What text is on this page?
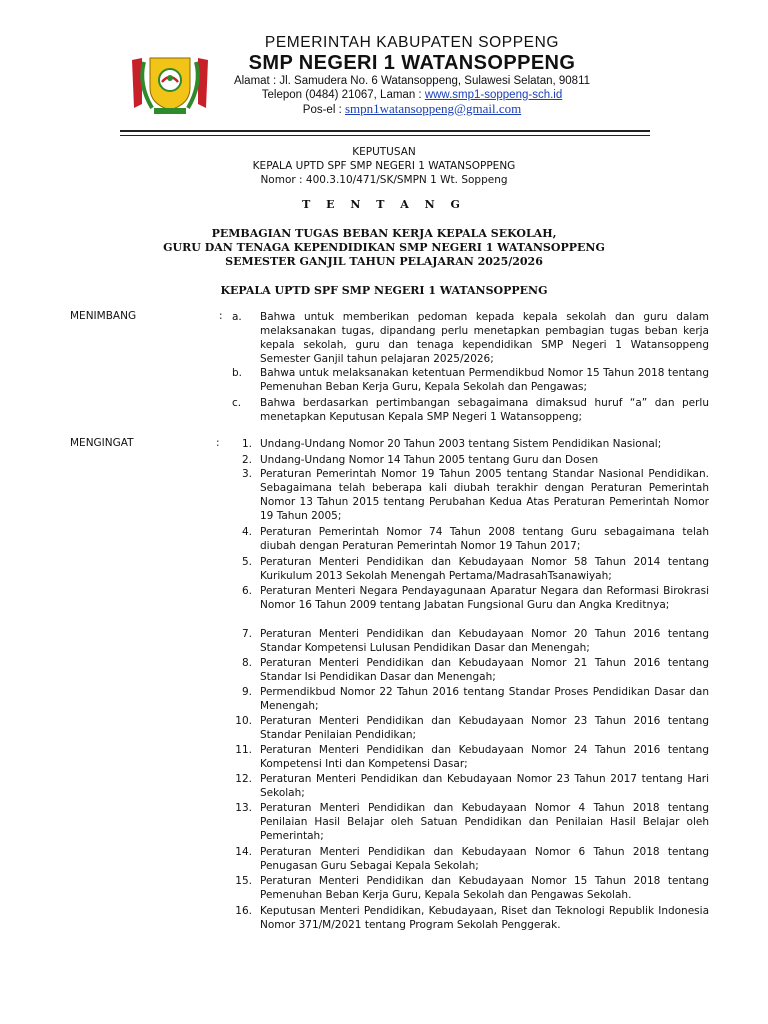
PEMERINTAH KABUPATEN SOPPENG
SMP NEGERI 1 WATANSOPPENG
Alamat : Jl. Samudera No. 6 Watansoppeng, Sulawesi Selatan, 90811
Telepon (0484) 21067, Laman : www.smp1-soppeng-sch.id
Pos-el : smpn1watansoppeng@gmail.com
KEPUTUSAN
KEPALA UPTD SPF SMP NEGERI 1 WATANSOPPENG
Nomor : 400.3.10/471/SK/SMPN 1 Wt. Soppeng
T E N T A N G
PEMBAGIAN TUGAS BEBAN KERJA KEPALA SEKOLAH,
GURU DAN TENAGA KEPENDIDIKAN SMP NEGERI 1 WATANSOPPENG
SEMESTER GANJIL TAHUN PELAJARAN 2025/2026
KEPALA UPTD SPF SMP NEGERI 1 WATANSOPPENG
MENIMBANG	: a. Bahwa untuk memberikan pedoman kepada kepala sekolah dan guru dalam melaksanakan tugas, dipandang perlu menetapkan pembagian tugas beban kerja kepala sekolah, guru dan tenaga kependidikan SMP Negeri 1 Watansoppeng Semester Ganjil tahun pelajaran 2025/2026;
b. Bahwa untuk melaksanakan ketentuan Permendikbud Nomor 15 Tahun 2018 tentang Pemenuhan Beban Kerja Guru, Kepala Sekolah dan Pengawas;
c. Bahwa berdasarkan pertimbangan sebagaimana dimaksud huruf “a” dan perlu menetapkan Keputusan Kepala SMP Negeri 1 Watansoppeng;
MENGINGAT	:	1. Undang-Undang Nomor 20 Tahun 2003 tentang Sistem Pendidikan Nasional;
2. Undang-Undang Nomor 14 Tahun 2005 tentang Guru dan Dosen
3. Peraturan Pemerintah Nomor 19 Tahun 2005 tentang Standar Nasional Pendidikan. Sebagaimana telah beberapa kali diubah terakhir dengan Peraturan Pemerintah Nomor 13 Tahun 2015 tentang Perubahan Kedua Atas Peraturan Pemerintah Nomor 19 Tahun 2005;
4. Peraturan Pemerintah Nomor 74 Tahun 2008 tentang Guru sebagaimana telah diubah dengan Peraturan Pemerintah Nomor 19 Tahun 2017;
5. Peraturan Menteri Pendidikan dan Kebudayaan Nomor 58 Tahun 2014 tentang Kurikulum 2013 Sekolah Menengah Pertama/MadrasahTsanawiyah;
6. Peraturan Menteri Negara Pendayagunaan Aparatur Negara dan Reformasi Birokrasi Nomor 16 Tahun 2009 tentang Jabatan Fungsional Guru dan Angka Kreditnya;
7. Peraturan Menteri Pendidikan dan Kebudayaan Nomor 20 Tahun 2016 tentang Standar Kompetensi Lulusan Pendidikan Dasar dan Menengah;
8. Peraturan Menteri Pendidikan dan Kebudayaan Nomor 21 Tahun 2016 tentang Standar Isi Pendidikan Dasar dan Menengah;
9. Permendikbud Nomor 22 Tahun 2016 tentang Standar Proses Pendidikan Dasar dan Menengah;
10. Peraturan Menteri Pendidikan dan Kebudayaan Nomor 23 Tahun 2016 tentang Standar Penilaian Pendidikan;
11. Peraturan Menteri Pendidikan dan Kebudayaan Nomor 24 Tahun 2016 tentang Kompetensi Inti dan Kompetensi Dasar;
12. Peraturan Menteri Pendidikan dan Kebudayaan Nomor 23 Tahun 2017 tentang Hari Sekolah;
13. Peraturan Menteri Pendidikan dan Kebudayaan Nomor 4 Tahun 2018 tentang Penilaian Hasil Belajar oleh Satuan Pendidikan dan Penilaian Hasil Belajar oleh Pemerintah;
14. Peraturan Menteri Pendidikan dan Kebudayaan Nomor 6 Tahun 2018 tentang Penugasan Guru Sebagai Kepala Sekolah;
15. Peraturan Menteri Pendidikan dan Kebudayaan Nomor 15 Tahun 2018 tentang Pemenuhan Beban Kerja Guru, Kepala Sekolah dan Pengawas Sekolah.
16. Keputusan Menteri Pendidikan, Kebudayaan, Riset dan Teknologi Republik Indonesia Nomor 371/M/2021 tentang Program Sekolah Penggerak.
